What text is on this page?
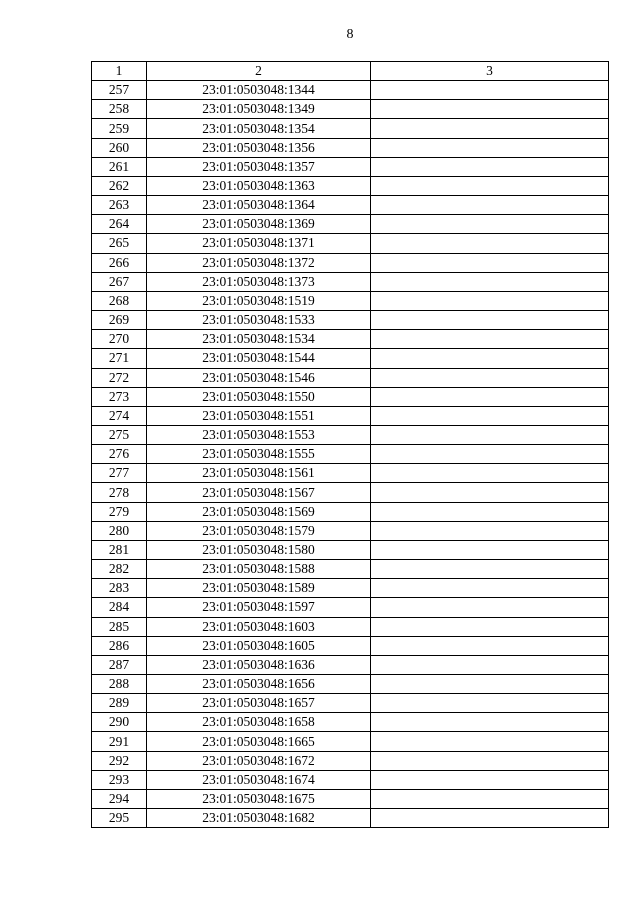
8
1	2	3
257	23:01:0503048:1344	
258	23:01:0503048:1349	
259	23:01:0503048:1354	
260	23:01:0503048:1356	
261	23:01:0503048:1357	
262	23:01:0503048:1363	
263	23:01:0503048:1364	
264	23:01:0503048:1369	
265	23:01:0503048:1371	
266	23:01:0503048:1372	
267	23:01:0503048:1373	
268	23:01:0503048:1519	
269	23:01:0503048:1533	
270	23:01:0503048:1534	
271	23:01:0503048:1544	
272	23:01:0503048:1546	
273	23:01:0503048:1550	
274	23:01:0503048:1551	
275	23:01:0503048:1553	
276	23:01:0503048:1555	
277	23:01:0503048:1561	
278	23:01:0503048:1567	
279	23:01:0503048:1569	
280	23:01:0503048:1579	
281	23:01:0503048:1580	
282	23:01:0503048:1588	
283	23:01:0503048:1589	
284	23:01:0503048:1597	
285	23:01:0503048:1603	
286	23:01:0503048:1605	
287	23:01:0503048:1636	
288	23:01:0503048:1656	
289	23:01:0503048:1657	
290	23:01:0503048:1658	
291	23:01:0503048:1665	
292	23:01:0503048:1672	
293	23:01:0503048:1674	
294	23:01:0503048:1675	
295	23:01:0503048:1682	
